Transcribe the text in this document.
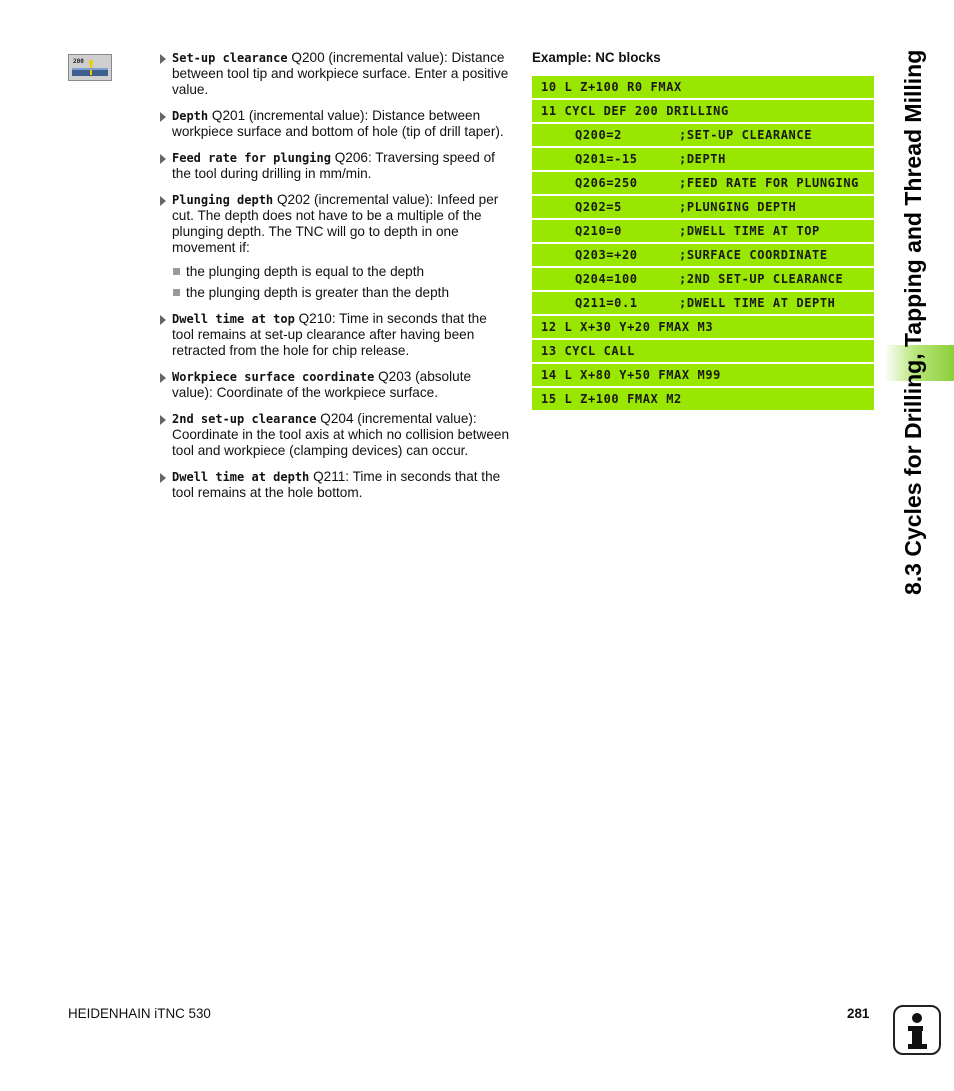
200	Set-up clearance Q200 (incremental value): Distance between tool tip and workpiece surface. Enter a positive value.
Depth Q201 (incremental value): Distance between workpiece surface and bottom of hole (tip of drill taper).
Feed rate for plunging Q206: Traversing speed of the tool during drilling in mm/min.
Plunging depth Q202 (incremental value): Infeed per cut. The depth does not have to be a multiple of the plunging depth. The TNC will go to depth in one movement if:
the plunging depth is equal to the depth
the plunging depth is greater than the depth
Dwell time at top Q210: Time in seconds that the tool remains at set-up clearance after having been retracted from the hole for chip release.
Workpiece surface coordinate Q203 (absolute value): Coordinate of the workpiece surface.
2nd set-up clearance Q204 (incremental value): Coordinate in the tool axis at which no collision between tool and workpiece (clamping devices) can occur.
Dwell time at depth Q211: Time in seconds that the tool remains at the hole bottom.
Example: NC blocks
10 L Z+100 R0 FMAX
11 CYCL DEF 200 DRILLING
Q200=2	;SET-UP CLEARANCE
Q201=-15	;DEPTH
Q206=250	;FEED RATE FOR PLUNGING
Q202=5	;PLUNGING DEPTH
Q210=0	;DWELL TIME AT TOP
Q203=+20	;SURFACE COORDINATE
Q204=100	;2ND SET-UP CLEARANCE
Q211=0.1	;DWELL TIME AT DEPTH
12 L X+30 Y+20 FMAX M3
13 CYCL CALL
14 L X+80 Y+50 FMAX M99
15 L Z+100 FMAX M2	8.3 Cycles for Drilling, Tapping and Thread Milling
HEIDENHAIN iTNC 530	281
